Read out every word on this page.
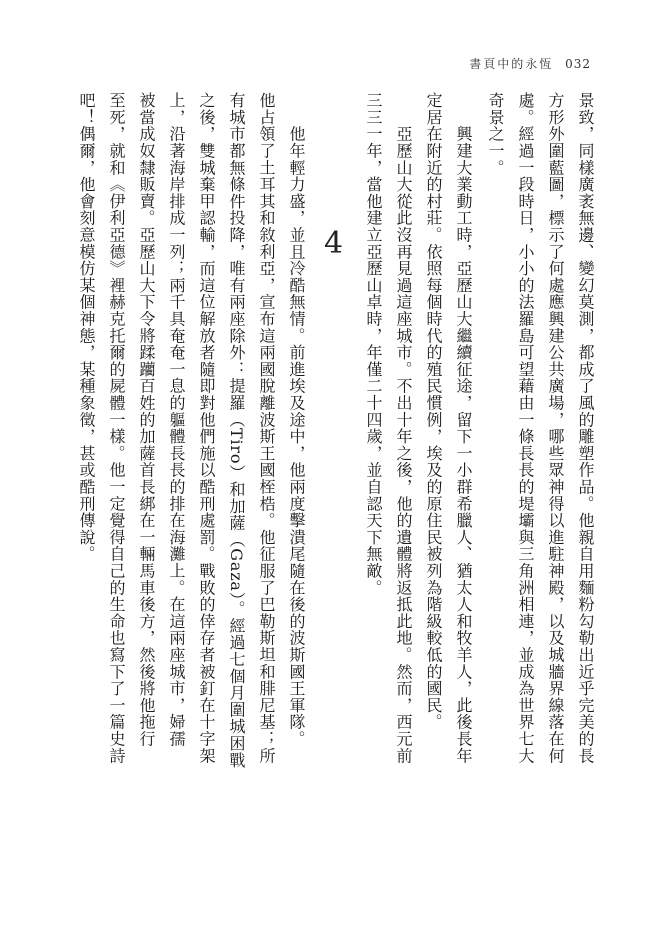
書頁中的永恆 032
景致，同樣廣袤無邊、變幻莫測，都成了風的雕塑作品。他親自用麵粉勾勒出近乎完美的長
方形外圍藍圖，標示了何處應興建公共廣場，哪些眾神得以進駐神殿，以及城牆界線落在何
處。經過一段時日，小小的法羅島可望藉由一條長長的堤壩與三角洲相連，並成為世界七大
奇景之一。
　　興建大業動工時，亞歷山大繼續征途，留下一小群希臘人、猶太人和牧羊人，此後長年
定居在附近的村莊。依照每個時代的殖民慣例，埃及的原住民被列為階級較低的國民。
　　亞歷山大從此沒再見過這座城市。不出十年之後，他的遺體將返抵此地。然而，西元前
三三一年，當他建立亞歷山卓時，年僅二十四歲，並自認天下無敵。
4
　　他年輕力盛，並且冷酷無情。前進埃及途中，他兩度擊潰尾隨在後的波斯國王軍隊。
他占領了土耳其和敘利亞，宣布這兩國脫離波斯王國桎梏。他征服了巴勒斯坦和腓尼基；所
有城市都無條件投降，唯有兩座除外：提羅（Tiro）和加薩（Gaza）。經過七個月圍城困戰
之後，雙城棄甲認輸，而這位解放者隨即對他們施以酷刑處罰。戰敗的倖存者被釘在十字架
上，沿著海岸排成一列；兩千具奄奄一息的軀體長長的排在海灘上。在這兩座城市，婦孺
被當成奴隸販賣。亞歷山大下令將蹂躪百姓的加薩首長綁在一輛馬車後方，然後將他拖行
至死，就和《伊利亞德》裡赫克托爾的屍體一樣。他一定覺得自己的生命也寫下了一篇史詩
吧！偶爾，他會刻意模仿某個神態，某種象徵，甚或酷刑傳說。
